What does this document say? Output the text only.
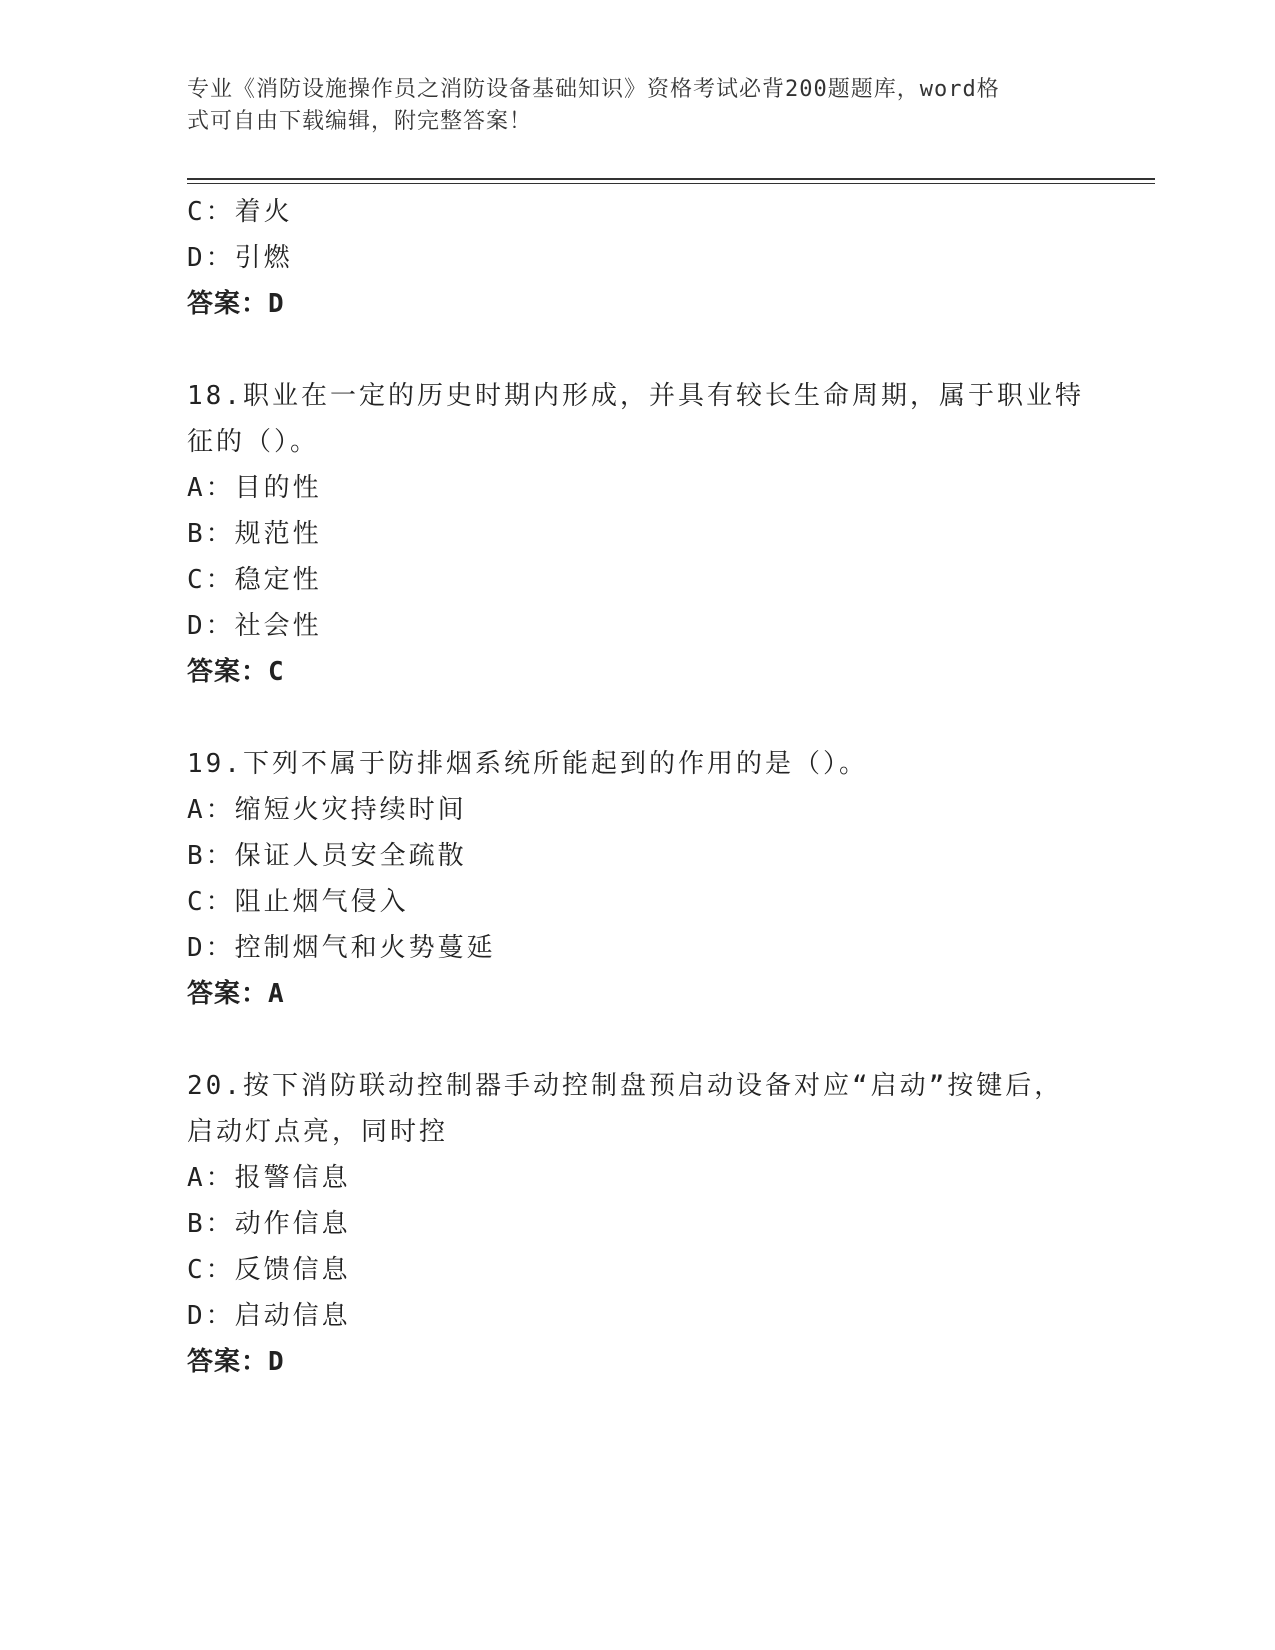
专业《消防设施操作员之消防设备基础知识》资格考试必背200题题库，word格
式可自由下载编辑，附完整答案！
C：着火
D：引燃
答案：D
18.职业在一定的历史时期内形成，并具有较长生命周期，属于职业特
征的（）。
A：目的性
B：规范性
C：稳定性
D：社会性
答案：C
19.下列不属于防排烟系统所能起到的作用的是（）。
A：缩短火灾持续时间
B：保证人员安全疏散
C：阻止烟气侵入
D：控制烟气和火势蔓延
答案：A
20.按下消防联动控制器手动控制盘预启动设备对应“启动”按键后，
启动灯点亮，同时控
A：报警信息
B：动作信息
C：反馈信息
D：启动信息
答案：D
